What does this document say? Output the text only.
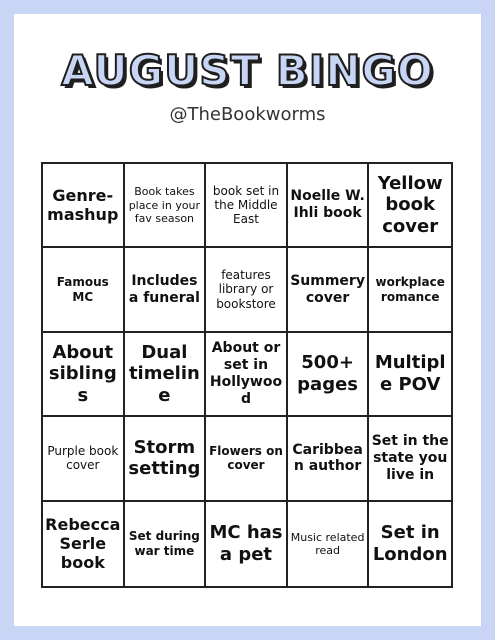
AUGUST BINGO
@TheBookworms
Genre-mashup
Book takes place in your fav season
book set in the Middle East
Noelle W. Ihli book
Yellow book cover
Famous MC
Includes a funeral
features library or bookstore
Summery cover
workplace romance
About siblings
Dual timeline
About or set in Hollywood
500+ pages
Multiple POV
Purple book cover
Storm setting
Flowers on cover
Caribbean author
Set in the state you live in
Rebecca Serle book
Set during war time
MC has a pet
Music related read
Set in London
